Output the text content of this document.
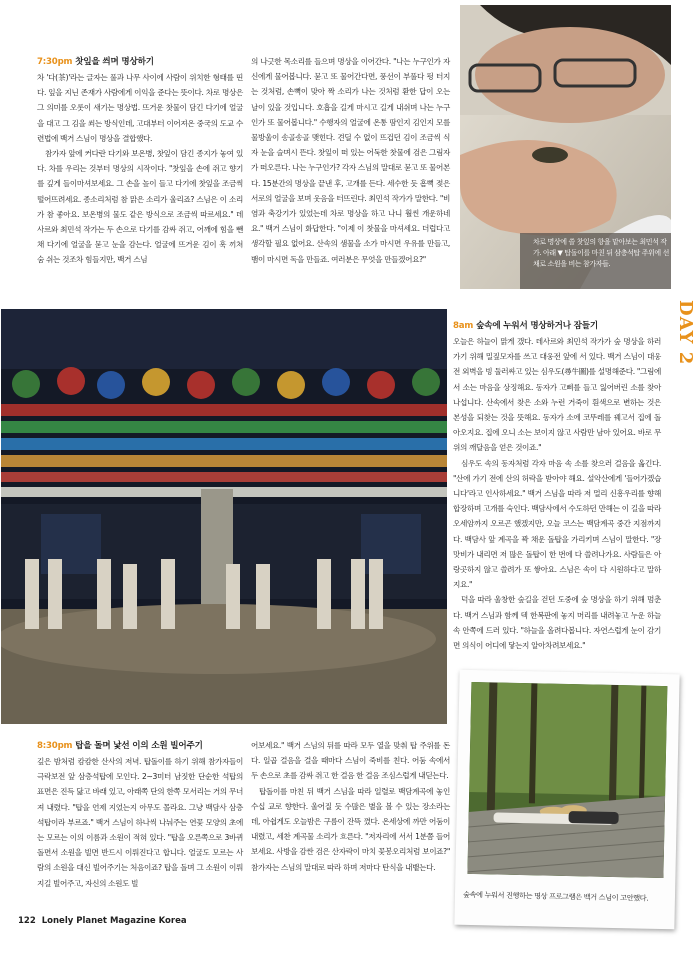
7:30pm 찻잎을 씌며 명상하기

차 '다(茶)'라는 글자는 풀과 나무 사이에 사람이 위치한 형태를 띤다. 잎을 지닌 존재가 사람에게 이익을 준다는 뜻이다. 차로 명상은 그 의미를 오롯이 새기는 명상법. 뜨거운 찻물이 담긴 다기에 얼굴을 대고 그 김을 쐬는 방식인데, 고대부터 이어져온 중국의 도교 수련법에 백거 스님이 명상을 결합했다.

참가자 앞에 커다란 다기와 보온병, 찻잎이 담긴 종지가 놓여 있다. 차를 우리는 것부터 명상의 시작이다. "찻잎을 손에 쥐고 향기를 깊게 들이마셔보세요. 그 손을 높이 들고 다기에 찻잎을 조금씩 떨어뜨려세요. 종소리처럼 참 맑은 소리가 울리죠? 스님은 이 소리가 참 좋아요. 보온병의 물도 같은 방식으로 조금씩 따르세요." 데사르와 최민석 작가는 두 손으로 다기를 감싸 쥐고, 어깨에 힘을 뺀 채 다기에 얼굴을 묻고 눈을 감는다. 얼굴에 뜨거운 김이 훅 끼쳐 숨 쉬는 것조차 힘들지만, 백거 스님

의 나긋한 목소리를 들으며 명상을 이어간다. "나는 누구인가 자신에게 물어봅니다. 묻고 또 물어간다면, 풍선이 부풀다 펑 터지는 것처럼, 손뼉이 맞아 짝 소리가 나는 것처럼 환한 답이 오는 날이 있을 것입니다. 호흡을 길게 마시고 길게 내쉬며 나는 누구인가 또 물어봅니다." 수행자의 얼굴에 온통 땀인지 김인지 모를 물방울이 송골송골 맺힌다. 견딜 수 없이 뜨겁던 김이 조금씩 식자 눈을 슬며시 뜬다. 찻잎이 떠 있는 어둑한 찻물에 검은 그림자가 떠오른다. 나는 누구인가? 각자 스님의 말대로 묻고 또 물어본다. 15분간의 명상을 끝낸 후, 고개를 든다. 세수한 듯 흠뻑 젖은 서로의 얼굴을 보며 웃음을 터뜨린다. 최민석 작가가 말한다. "비염과 축강기가 있었는데 차로 명상을 하고 나니 훨씬 개운하네요." 백거 스님이 화답한다. "이제 이 찻물을 마셔세요. 더럽다고 생각할 필요 없어요. 산속의 샘물을 소가 마시면 우유를 만들고, 뱀이 마시면 독을 만들죠. 여러분은 무엇을 만들겠어요?"

차로 명상에 쓸 찻잎의 향을 맡아보는 최민석 작가. 아래 ▼ 탑돌이를 마친 뒤 삼층석탑 주위에 선 채로 소원을 비는 참가자들.
DAY 2
8am 숲속에 누워서 명상하거나 잠들기

오늘은 하늘이 맑게 갰다. 데사르와 최민석 작가가 숲 명상을 하러 가기 위해 밀짚모자를 쓰고 대웅전 앞에 서 있다. 백거 스님이 대웅전 외벽을 빙 둘러싸고 있는 심우도(尋牛圖)를 설명해준다. "그림에서 소는 마음을 상징해요. 동자가 고삐를 들고 잃어버린 소를 찾아 나섭니다. 산속에서 찾은 소와 누런 거죽이 흰색으로 변하는 것은 본성을 되찾는 것을 뜻해요. 동자가 소에 코뚜레를 꿰고서 집에 돌아오지요. 집에 오니 소는 보이지 않고 사람만 남아 있어요. 바로 무위의 깨달음을 얻은 것이죠."

심우도 속의 동자처럼 각자 마음 속 소를 찾으러 걸음을 옮긴다. "산에 가기 전에 산의 허락을 받아야 해요. 설악산에게 '들어가겠습니다'라고 인사하세요." 백거 스님을 따라 저 멀리 신흥우리를 향해 합장하며 고개를 숙인다. 백담사에서 수도하던 만해는 이 길을 따라 오세암까지 오르곤 했겠지만, 오늘 코스는 백담계곡 중간 지점까지다. 백담사 앞 계곡을 꽉 채운 돌탑을 가리키며 스님이 말한다. "장맛비가 내리면 저 많은 돌탑이 한 번에 다 쓸려나가요. 사람들은 아랑곳하지 않고 쓸려가 또 쌓아요. 스님은 속이 다 시원하다고 말하지요."

덕을 따라 울창한 숲길을 걷던 도중에 숲 명상을 하기 위해 멈춘다. 백거 스님과 함께 덱 한복판에 놓지 머리를 내려놓고 누운 하늘 속 안쪽에 드러 있다. "하늘을 올려다봅니다. 자연스럽게 눈이 감기면 의식이 어디에 닿는지 알아차려보세요."

8:30pm 탑을 돌며 낯선 이의 소원 빌어주기

깊은 밤처럼 캄캄한 산사의 저녁. 탑돌이를 하기 위해 참가자들이 극락보전 앞 삼층석탑에 모인다. 2~3미터 남짓한 단순한 석탑의 표면은 진득 닳고 바래 있고, 아래쪽 단의 한쪽 모서리는 거의 무너져 내렸다. "탑을 언제 지었는지 아무도 몰라요. 그냥 백담사 삼층석탑이라 부르죠." 백거 스님이 하나씩 나눠주는 연꽃 모양의 초에는 모르는 이의 이름과 소원이 적혀 있다. "탑을 오른쪽으로 3바퀴 돌면서 소원을 빌면 반드시 이뤄진다고 합니다. 얼굴도 모르는 사람의 소원을 대신 빌어주기는 처음이죠? 탑을 돌며 그 소원이 이뤄지길 빌어주고, 자신의 소원도 빌

어보세요." 백거 스님의 뒤를 따라 모두 열을 맞춰 탑 주위를 돈다. 일곱 걸음을 걸을 때마다 스님이 죽비를 친다. 어둠 속에서 두 손으로 초를 감싸 쥐고 한 걸음 한 걸음 조심스럽게 내딛는다.

탑돌이를 마친 뒤 백거 스님을 따라 일렬로 백담계곡에 놓인 수십 교로 향한다. 울어질 듯 수많은 별을 볼 수 있는 장소라는데, 아쉽게도 오늘밤은 구름이 잔뜩 꼈다. 온세상에 까만 어둠이 내렸고, 세찬 계곡물 소리가 흐른다. "저자리에 서서 1분쯤 들어보세요. 사방을 감싼 검은 산자락이 마치 꽃봉오리처럼 보이죠?" 참가자는 스님의 말대로 따라 하며 저마다 탄식을 내뱉는다.

숲속에 누워서 진행하는 명상 프로그램은 백거 스님이 고안했다.
122 Lonely Planet Magazine Korea
